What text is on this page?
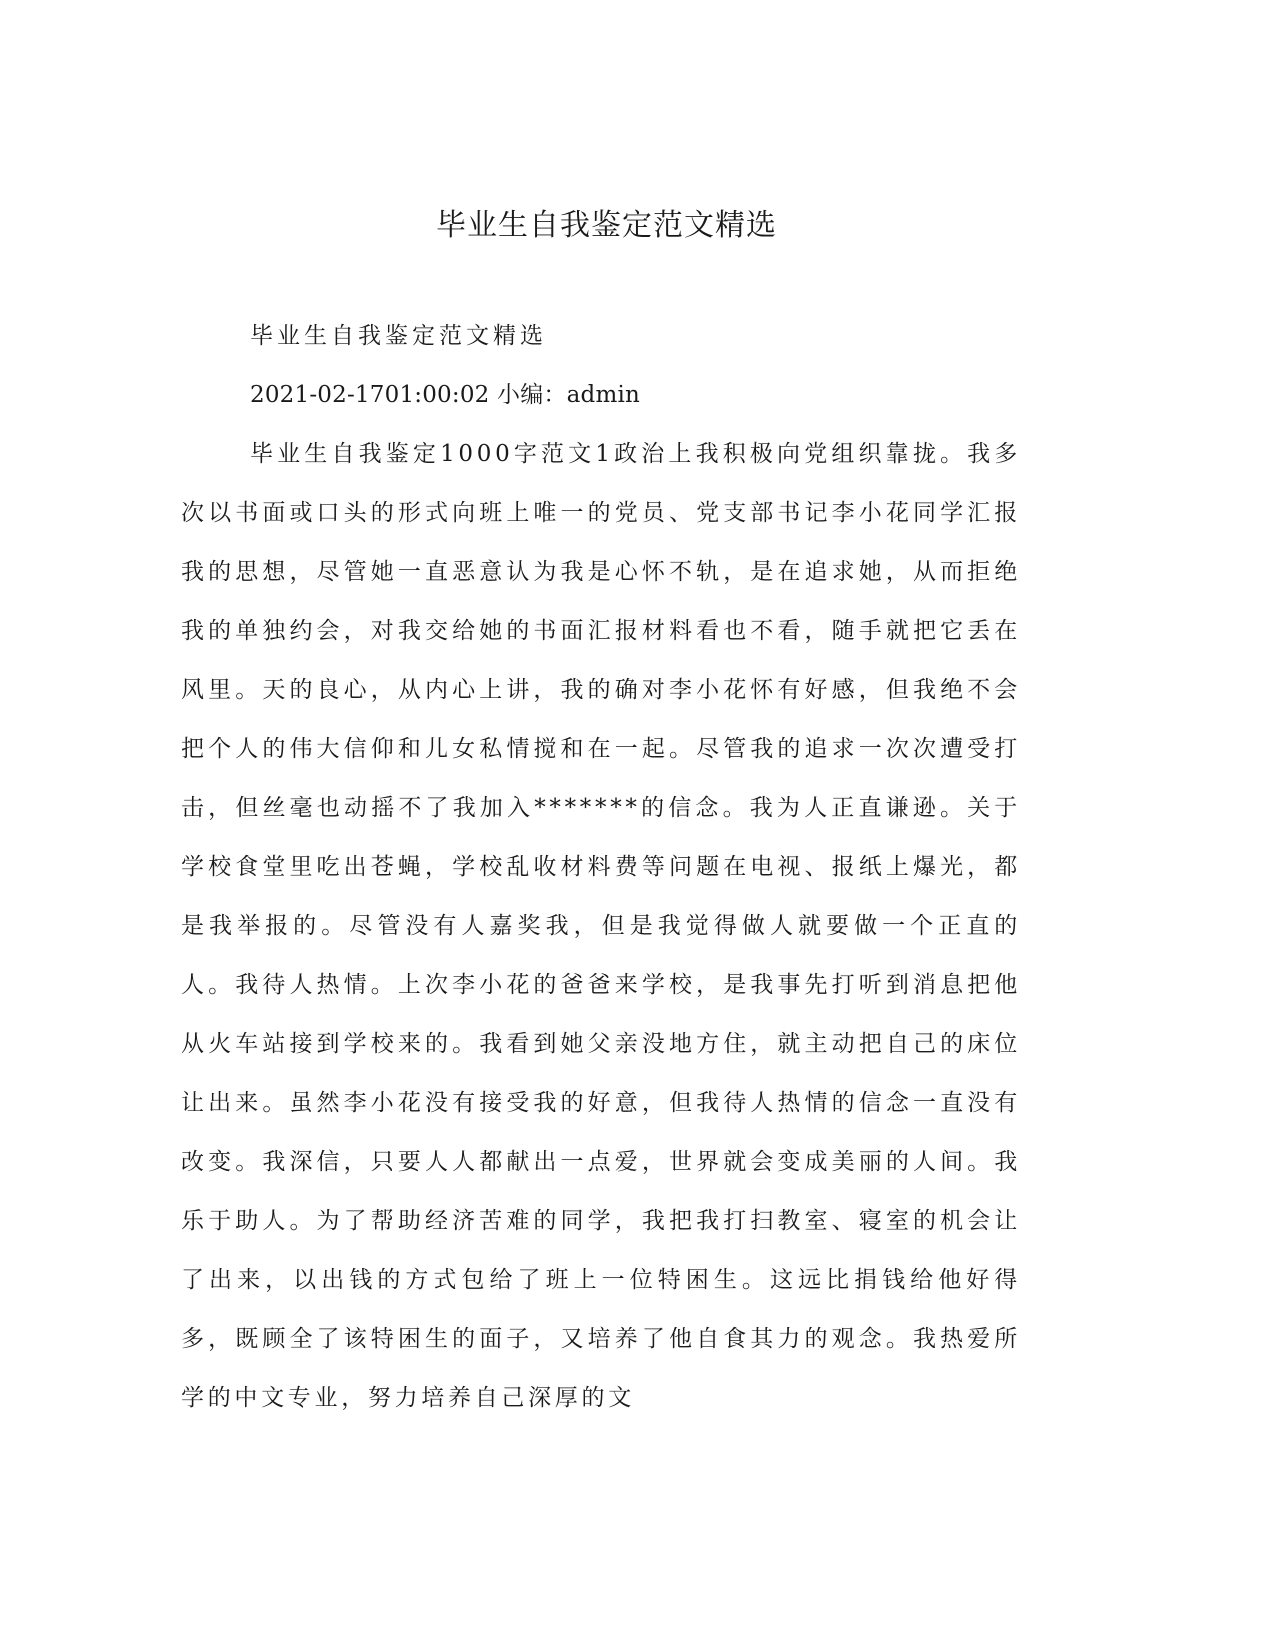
毕业生自我鉴定范文精选

毕业生自我鉴定范文精选

2021-02-1701:00:02 小编：admin

毕业生自我鉴定1000字范文1政治上我积极向党组织靠拢。我多次以书面或口头的形式向班上唯一的党员、党支部书记李小花同学汇报我的思想，尽管她一直恶意认为我是心怀不轨，是在追求她，从而拒绝我的单独约会，对我交给她的书面汇报材料看也不看，随手就把它丢在风里。天的良心，从内心上讲，我的确对李小花怀有好感，但我绝不会把个人的伟大信仰和儿女私情搅和在一起。尽管我的追求一次次遭受打击，但丝毫也动摇不了我加入*******的信念。我为人正直谦逊。关于学校食堂里吃出苍蝇，学校乱收材料费等问题在电视、报纸上爆光，都是我举报的。尽管没有人嘉奖我，但是我觉得做人就要做一个正直的人。我待人热情。上次李小花的爸爸来学校，是我事先打听到消息把他从火车站接到学校来的。我看到她父亲没地方住，就主动把自己的床位让出来。虽然李小花没有接受我的好意，但我待人热情的信念一直没有改变。我深信，只要人人都献出一点爱，世界就会变成美丽的人间。我乐于助人。为了帮助经济苦难的同学，我把我打扫教室、寝室的机会让了出来，以出钱的方式包给了班上一位特困生。这远比捐钱给他好得多，既顾全了该特困生的面子，又培养了他自食其力的观念。我热爱所学的中文专业，努力培养自己深厚的文
